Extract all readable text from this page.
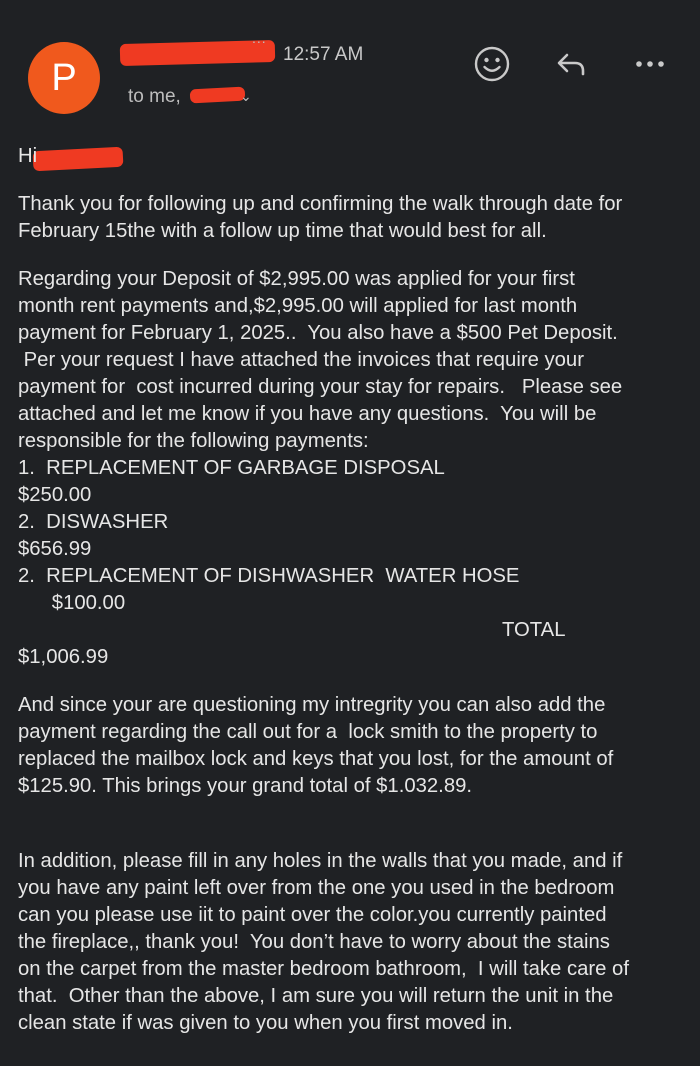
P
...
12:57 AM
to me,	⌄
Hi
Thank you for following up and confirming the walk through date for
February 15the with a follow up time that would best for all.
Regarding your Deposit of $2,995.00 was applied for your first
month rent payments and,$2,995.00 will applied for last month
payment for February 1, 2025..  You also have a $500 Pet Deposit.
Per your request I have attached the invoices that require your
payment for  cost incurred during your stay for repairs.   Please see
attached and let me know if you have any questions.  You will be
responsible for the following payments:
1.  REPLACEMENT OF GARBAGE DISPOSAL
$250.00
2.  DISWASHER
$656.99
2.  REPLACEMENT OF DISHWASHER  WATER HOSE
$100.00
TOTAL
$1,006.99
And since your are questioning my intregrity you can also add the
payment regarding the call out for a  lock smith to the property to
replaced the mailbox lock and keys that you lost, for the amount of
$125.90. This brings your grand total of $1.032.89.
In addition, please fill in any holes in the walls that you made, and if
you have any paint left over from the one you used in the bedroom
can you please use iit to paint over the color.you currently painted
the fireplace,, thank you!  You don’t have to worry about the stains
on the carpet from the master bedroom bathroom,  I will take care of
that.  Other than the above, I am sure you will return the unit in the
clean state if was given to you when you first moved in.
